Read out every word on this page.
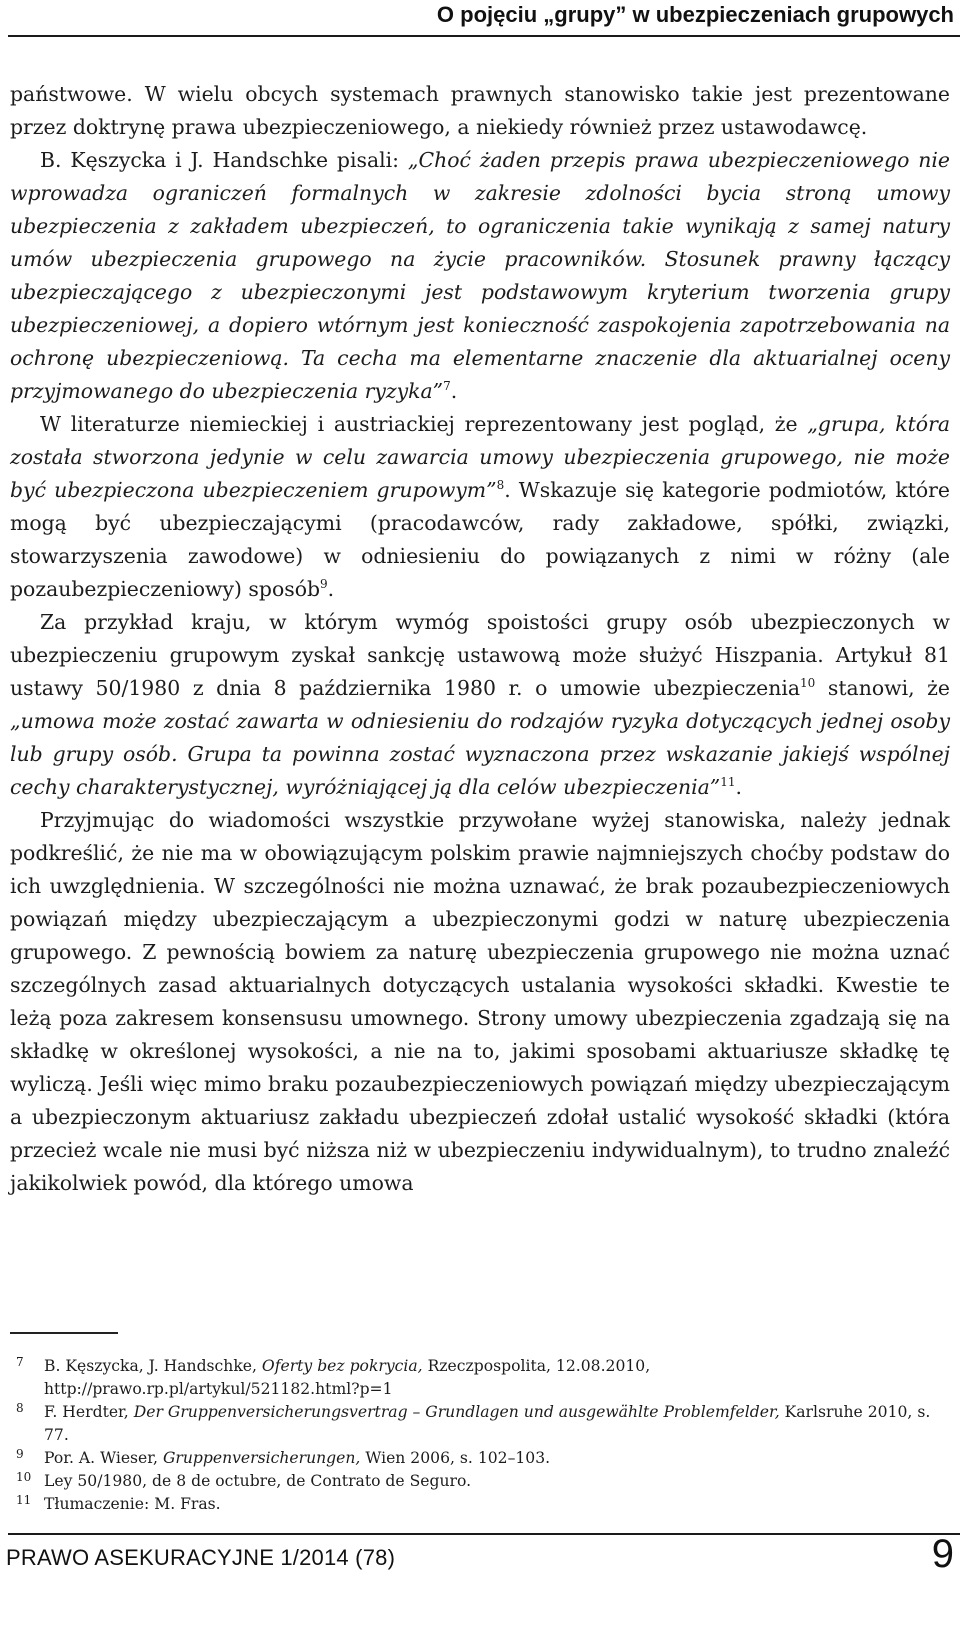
O pojęciu „grupy” w ubezpieczeniach grupowych

państwowe. W wielu obcych systemach prawnych stanowisko takie jest prezentowane przez doktrynę prawa ubezpieczeniowego, a niekiedy również przez ustawodawcę.

B. Kęszycka i J. Handschke pisali: „Choć żaden przepis prawa ubezpieczeniowego nie wprowadza ograniczeń formalnych w zakresie zdolności bycia stroną umowy ubezpieczenia z zakładem ubezpieczeń, to ograniczenia takie wynikają z samej natury umów ubezpieczenia grupowego na życie pracowników. Stosunek prawny łączący ubezpieczającego z ubezpieczonymi jest podstawowym kryterium tworzenia grupy ubezpieczeniowej, a dopiero wtórnym jest konieczność zaspokojenia zapotrzebowania na ochronę ubezpieczeniową. Ta cecha ma elementarne znaczenie dla aktuarialnej oceny przyjmowanego do ubezpieczenia ryzyka”$^7$.

W literaturze niemieckiej i austriackiej reprezentowany jest pogląd, że „grupa, która została stworzona jedynie w celu zawarcia umowy ubezpieczenia grupowego, nie może być ubezpieczona ubezpieczeniem grupowym”$^8$. Wskazuje się kategorie podmiotów, które mogą być ubezpieczającymi (pracodawców, rady zakładowe, spółki, związki, stowarzyszenia zawodowe) w odniesieniu do powiązanych z nimi w różny (ale pozaubezpieczeniowy) sposób$^9$.

Za przykład kraju, w którym wymóg spoistości grupy osób ubezpieczonych w ubezpieczeniu grupowym zyskał sankcję ustawową może służyć Hiszpania. Artykuł 81 ustawy 50/1980 z dnia 8 października 1980 r. o umowie ubezpieczenia$^{10}$ stanowi, że „umowa może zostać zawarta w odniesieniu do rodzajów ryzyka dotyczących jednej osoby lub grupy osób. Grupa ta powinna zostać wyznaczona przez wskazanie jakiejś wspólnej cechy charakterystycznej, wyróżniającej ją dla celów ubezpieczenia”$^{11}$.

Przyjmując do wiadomości wszystkie przywołane wyżej stanowiska, należy jednak podkreślić, że nie ma w obowiązującym polskim prawie najmniejszych choćby podstaw do ich uwzględnienia. W szczególności nie można uznawać, że brak pozaubezpieczeniowych powiązań między ubezpieczającym a ubezpieczonymi godzi w naturę ubezpieczenia grupowego. Z pewnością bowiem za naturę ubezpieczenia grupowego nie można uznać szczególnych zasad aktuarialnych dotyczących ustalania wysokości składki. Kwestie te leżą poza zakresem konsensusu umownego. Strony umowy ubezpieczenia zgadzają się na składkę w określonej wysokości, a nie na to, jakimi sposobami aktuariusze składkę tę wyliczą. Jeśli więc mimo braku pozaubezpieczeniowych powiązań między ubezpieczającym a ubezpieczonym aktuariusz zakładu ubezpieczeń zdołał ustalić wysokość składki (która przecież wcale nie musi być niższa niż w ubezpieczeniu indywidualnym), to trudno znaleźć jakikolwiek powód, dla którego umowa

7 B. Kęszycka, J. Handschke, Oferty bez pokrycia, Rzeczpospolita, 12.08.2010, http://prawo.rp.pl/artykul/521182.html?p=1
8 F. Herdter, Der Gruppenversicherungsvertrag – Grundlagen und ausgewählte Problemfelder, Karlsruhe 2010, s. 77.
9 Por. A. Wieser, Gruppenversicherungen, Wien 2006, s. 102–103.
10 Ley 50/1980, de 8 de octubre, de Contrato de Seguro.
11 Tłumaczenie: M. Fras.
PRAWO ASEKURACYJNE 1/2014 (78)	9
